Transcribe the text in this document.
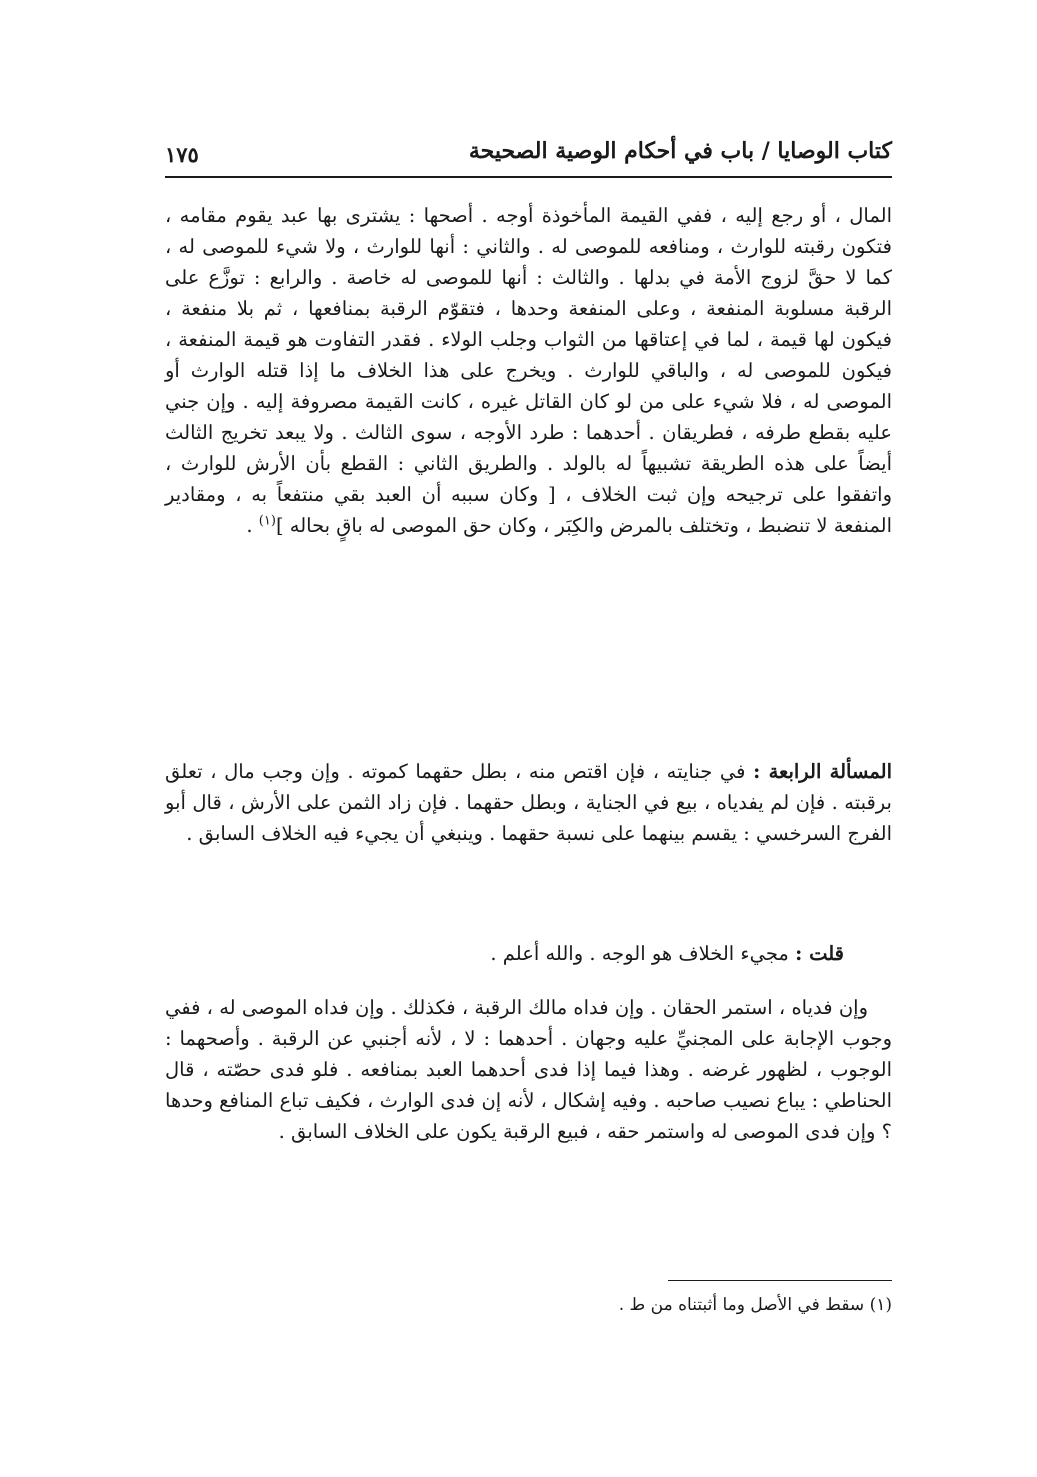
كتاب الوصايا / باب في أحكام الوصية الصحيحة
١٧٥

المال ، أو رجع إليه ، ففي القيمة المأخوذة أوجه . أصحها : يشترى بها عبد يقوم مقامه ، فتكون رقبته للوارث ، ومنافعه للموصى له . والثاني : أنها للوارث ، ولا شيء للموصى له ، كما لا حقَّ لزوج الأمة في بدلها . والثالث : أنها للموصى له خاصة . والرابع : توزَّع على الرقبة مسلوبة المنفعة ، وعلى المنفعة وحدها ، فتقوّم الرقبة بمنافعها ، ثم بلا منفعة ، فيكون لها قيمة ، لما في إعتاقها من الثواب وجلب الولاء . فقدر التفاوت هو قيمة المنفعة ، فيكون للموصى له ، والباقي للوارث . ويخرج على هذا الخلاف ما إذا قتله الوارث أو الموصى له ، فلا شيء على من لو كان القاتل غيره ، كانت القيمة مصروفة إليه . وإن جني عليه بقطع طرفه ، فطريقان . أحدهما : طرد الأوجه ، سوى الثالث . ولا يبعد تخريج الثالث أيضاً على هذه الطريقة تشبيهاً له بالولد . والطريق الثاني : القطع بأن الأرش للوارث ، واتفقوا على ترجيحه وإن ثبت الخلاف ، [ وكان سببه أن العبد بقي منتفعاً به ، ومقادير المنفعة لا تنضبط ، وتختلف بالمرض والكِبَر ، وكان حق الموصى له باقٍ بحاله ]$^{(١)}$ .

المسألة الرابعة : في جنايته ، فإن اقتص منه ، بطل حقهما كموته . وإن وجب مال ، تعلق برقبته . فإن لم يفدياه ، بيع في الجناية ، وبطل حقهما . فإن زاد الثمن على الأرش ، قال أبو الفرج السرخسي : يقسم بينهما على نسبة حقهما . وينبغي أن يجيء فيه الخلاف السابق .

قلت : مجيء الخلاف هو الوجه . والله أعلم .

وإن فدياه ، استمر الحقان . وإن فداه مالك الرقبة ، فكذلك . وإن فداه الموصى له ، ففي وجوب الإجابة على المجنيِّ عليه وجهان . أحدهما : لا ، لأنه أجنبي عن الرقبة . وأصحهما : الوجوب ، لظهور غرضه . وهذا فيما إذا فدى أحدهما العبد بمنافعه . فلو فدى حصّته ، قال الحناطي : يباع نصيب صاحبه . وفيه إشكال ، لأنه إن فدى الوارث ، فكيف تباع المنافع وحدها ؟ وإن فدى الموصى له واستمر حقه ، فبيع الرقبة يكون على الخلاف السابق .

(١) سقط في الأصل وما أثبتناه من ط .
